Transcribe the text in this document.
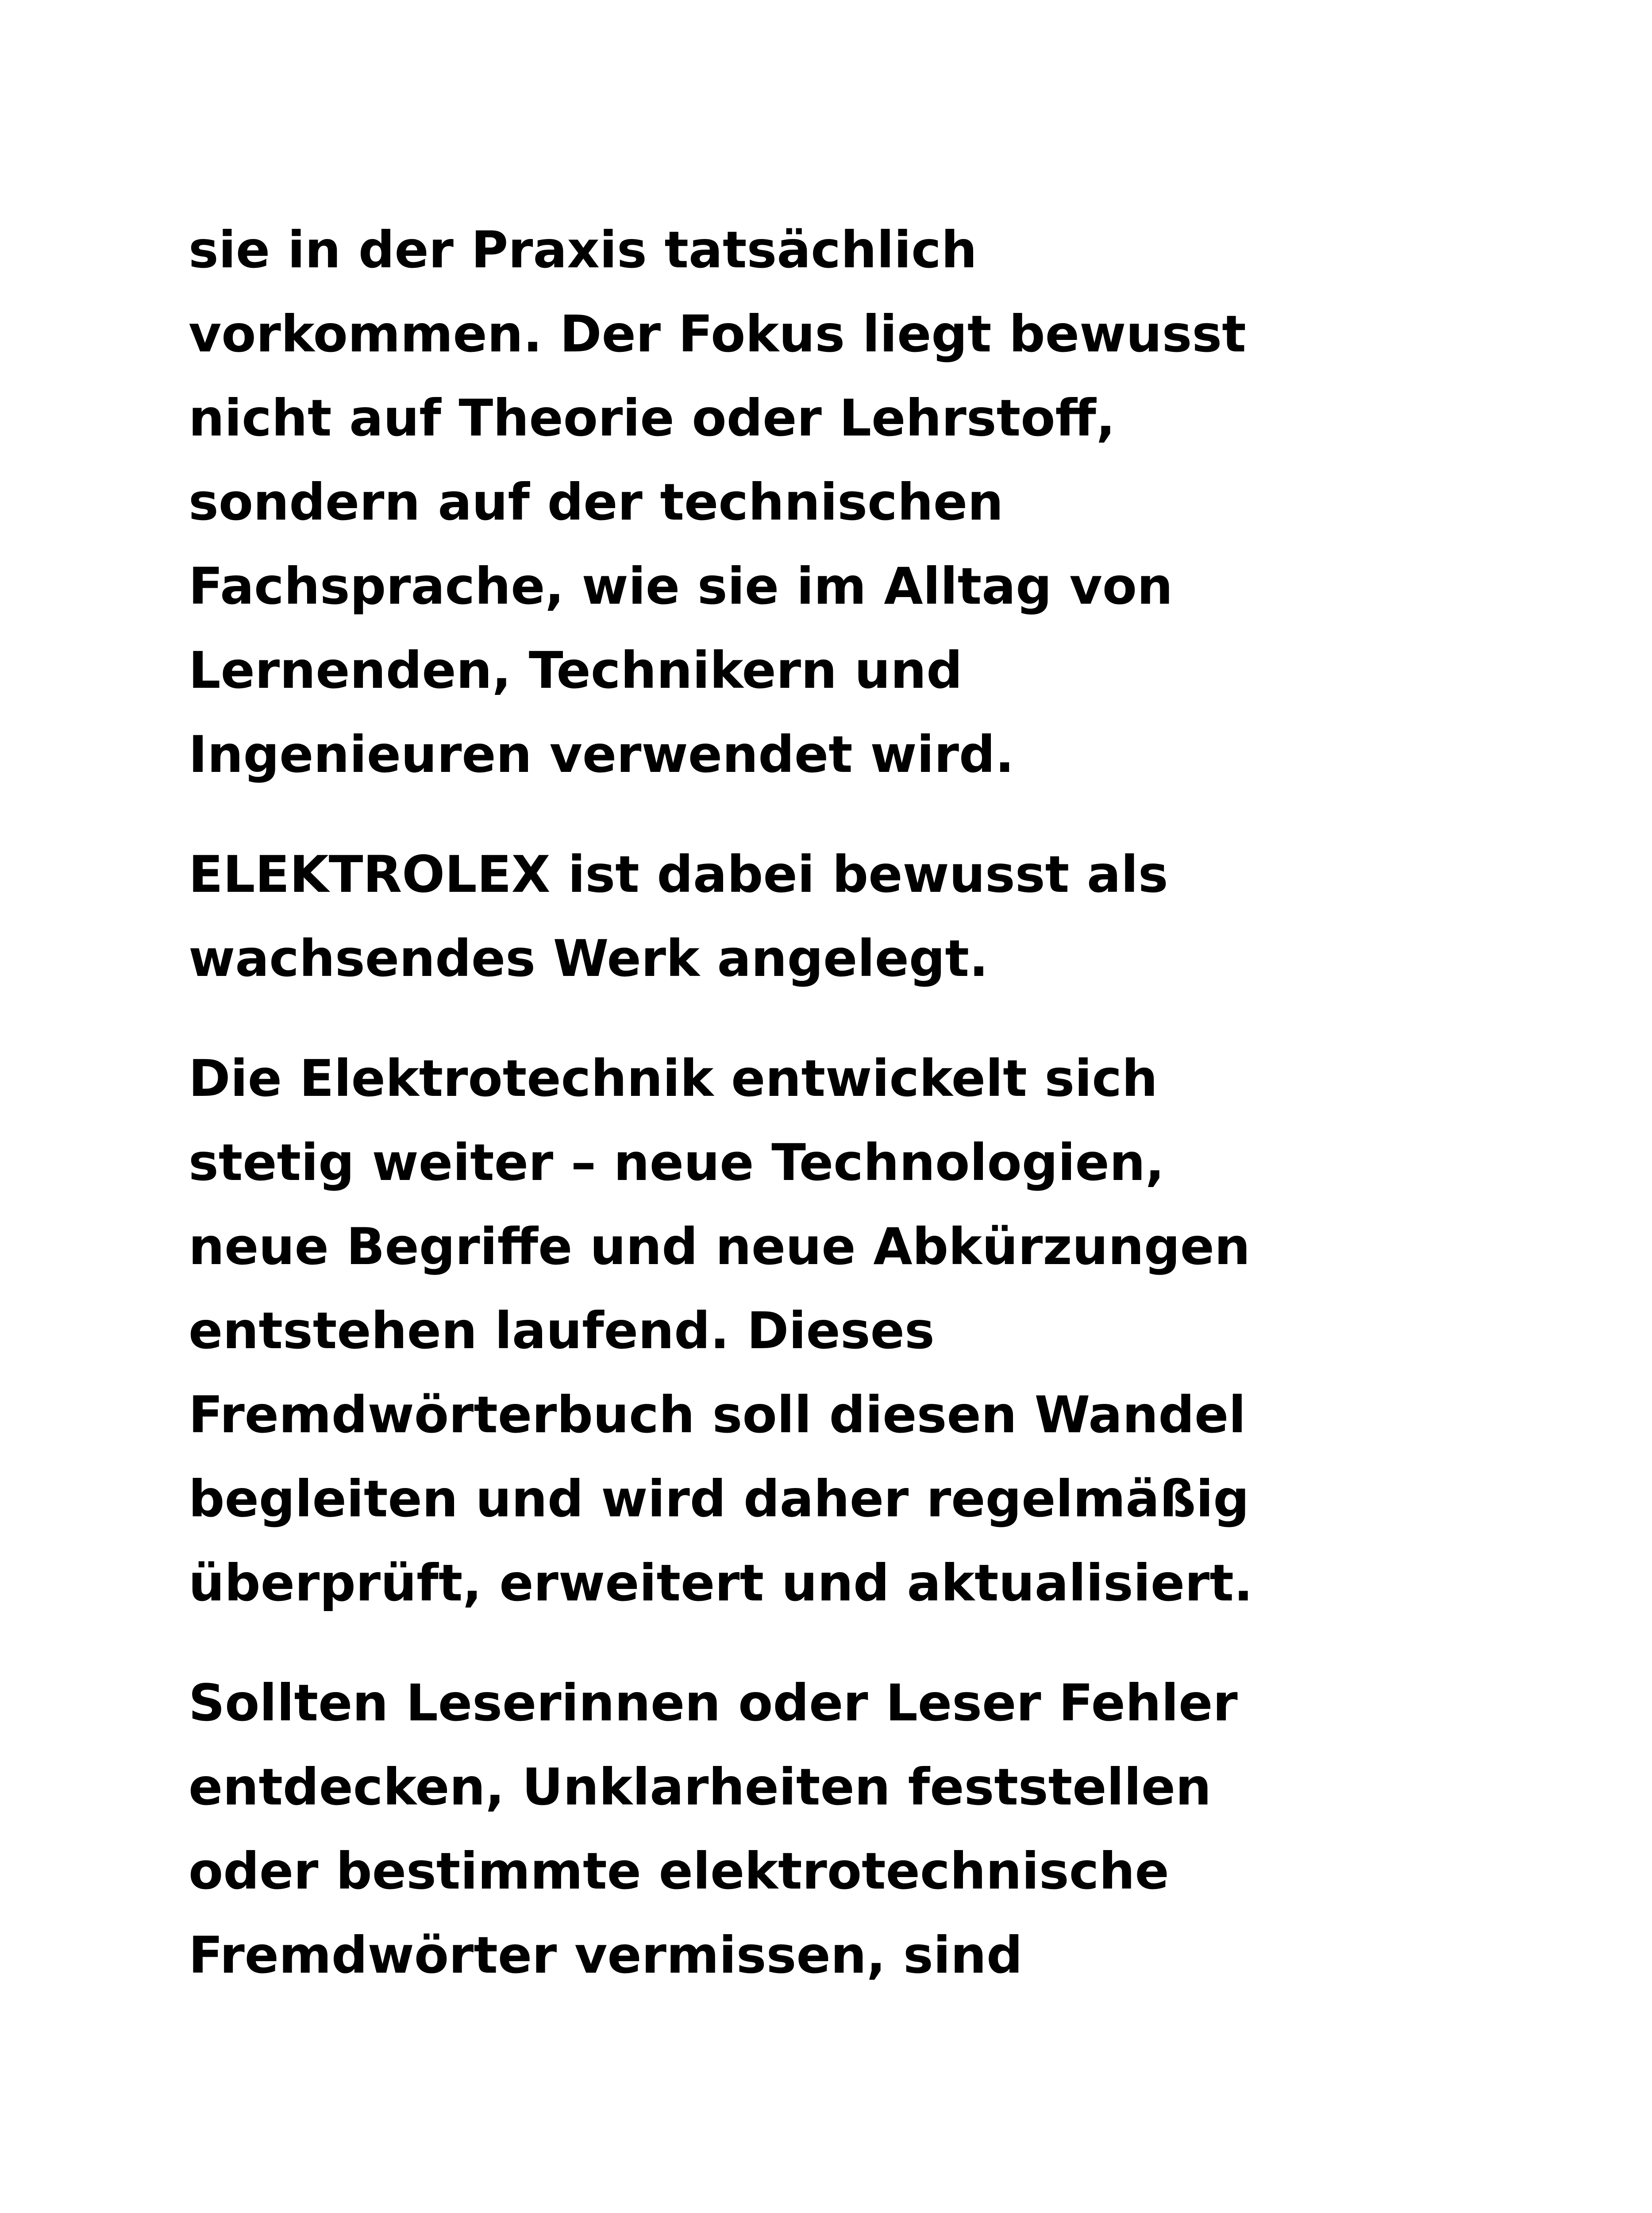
sie in der Praxis tatsächlich
vorkommen. Der Fokus liegt bewusst
nicht auf Theorie oder Lehrstoff,
sondern auf der technischen
Fachsprache, wie sie im Alltag von
Lernenden, Technikern und
Ingenieuren verwendet wird.

ELEKTROLEX ist dabei bewusst als
wachsendes Werk angelegt.

Die Elektrotechnik entwickelt sich
stetig weiter – neue Technologien,
neue Begriffe und neue Abkürzungen
entstehen laufend. Dieses
Fremdwörterbuch soll diesen Wandel
begleiten und wird daher regelmäßig
überprüft, erweitert und aktualisiert.

Sollten Leserinnen oder Leser Fehler
entdecken, Unklarheiten feststellen
oder bestimmte elektrotechnische
Fremdwörter vermissen, sind
